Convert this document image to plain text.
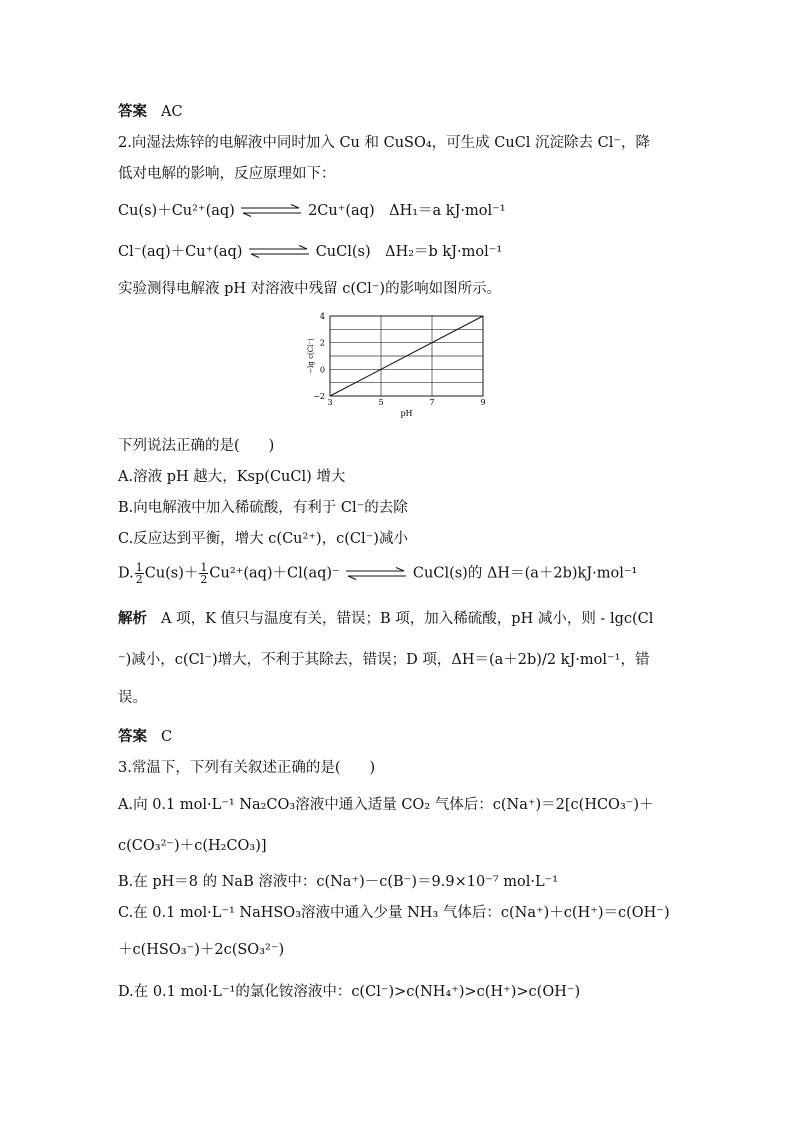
答案 AC
2.向湿法炼锌的电解液中同时加入 Cu 和 CuSO₄，可生成 CuCl 沉淀除去 Cl⁻，降
低对电解的影响，反应原理如下：
Cu(s)＋Cu²⁺(aq)	2Cu⁺(aq)　ΔH₁＝a kJ·mol⁻¹
Cl⁻(aq)＋Cu⁺(aq)	CuCl(s)　ΔH₂＝b kJ·mol⁻¹
实验测得电解液 pH 对溶液中残留 c(Cl⁻)的影响如图所示。
3	5	7	9
−2
0
2
4
pH
−lg c(Cl⁻)
下列说法正确的是(　　)
A.溶液 pH 越大，Ksp(CuCl) 增大
B.向电解液中加入稀硫酸，有利于 Cl⁻的去除
C.反应达到平衡，增大 c(Cu²⁺)，c(Cl⁻)减小
D. $\frac{1}{2} Cu(s)+ \frac{1}{2} Cu^{2+}(aq)+Cl(aq)^-$	CuCl(s)的 ΔH＝(a＋2b)kJ·mol⁻¹
解析 A 项，K 值只与温度有关，错误；B 项，加入稀硫酸，pH 减小，则 - lgc(Cl
⁻)减小，c(Cl⁻)增大，不利于其除去，错误；D 项，ΔH＝(a＋2b)/2 kJ·mol⁻¹，错
误。
答案 C
3.常温下，下列有关叙述正确的是(　　)
A.向 0.1 mol·L⁻¹ Na₂CO₃溶液中通入适量 CO₂ 气体后：c(Na⁺)＝2[c(HCO₃⁻)＋
c(CO₃²⁻)＋c(H₂CO₃)]
B.在 pH＝8 的 NaB 溶液中：c(Na⁺)－c(B⁻)＝9.9×10⁻⁷ mol·L⁻¹
C.在 0.1 mol·L⁻¹ NaHSO₃溶液中通入少量 NH₃ 气体后：c(Na⁺)＋c(H⁺)＝c(OH⁻)
＋c(HSO₃⁻)＋2c(SO₃²⁻)
D.在 0.1 mol·L⁻¹的氯化铵溶液中：c(Cl⁻)>c(NH₄⁺)>c(H⁺)>c(OH⁻)
